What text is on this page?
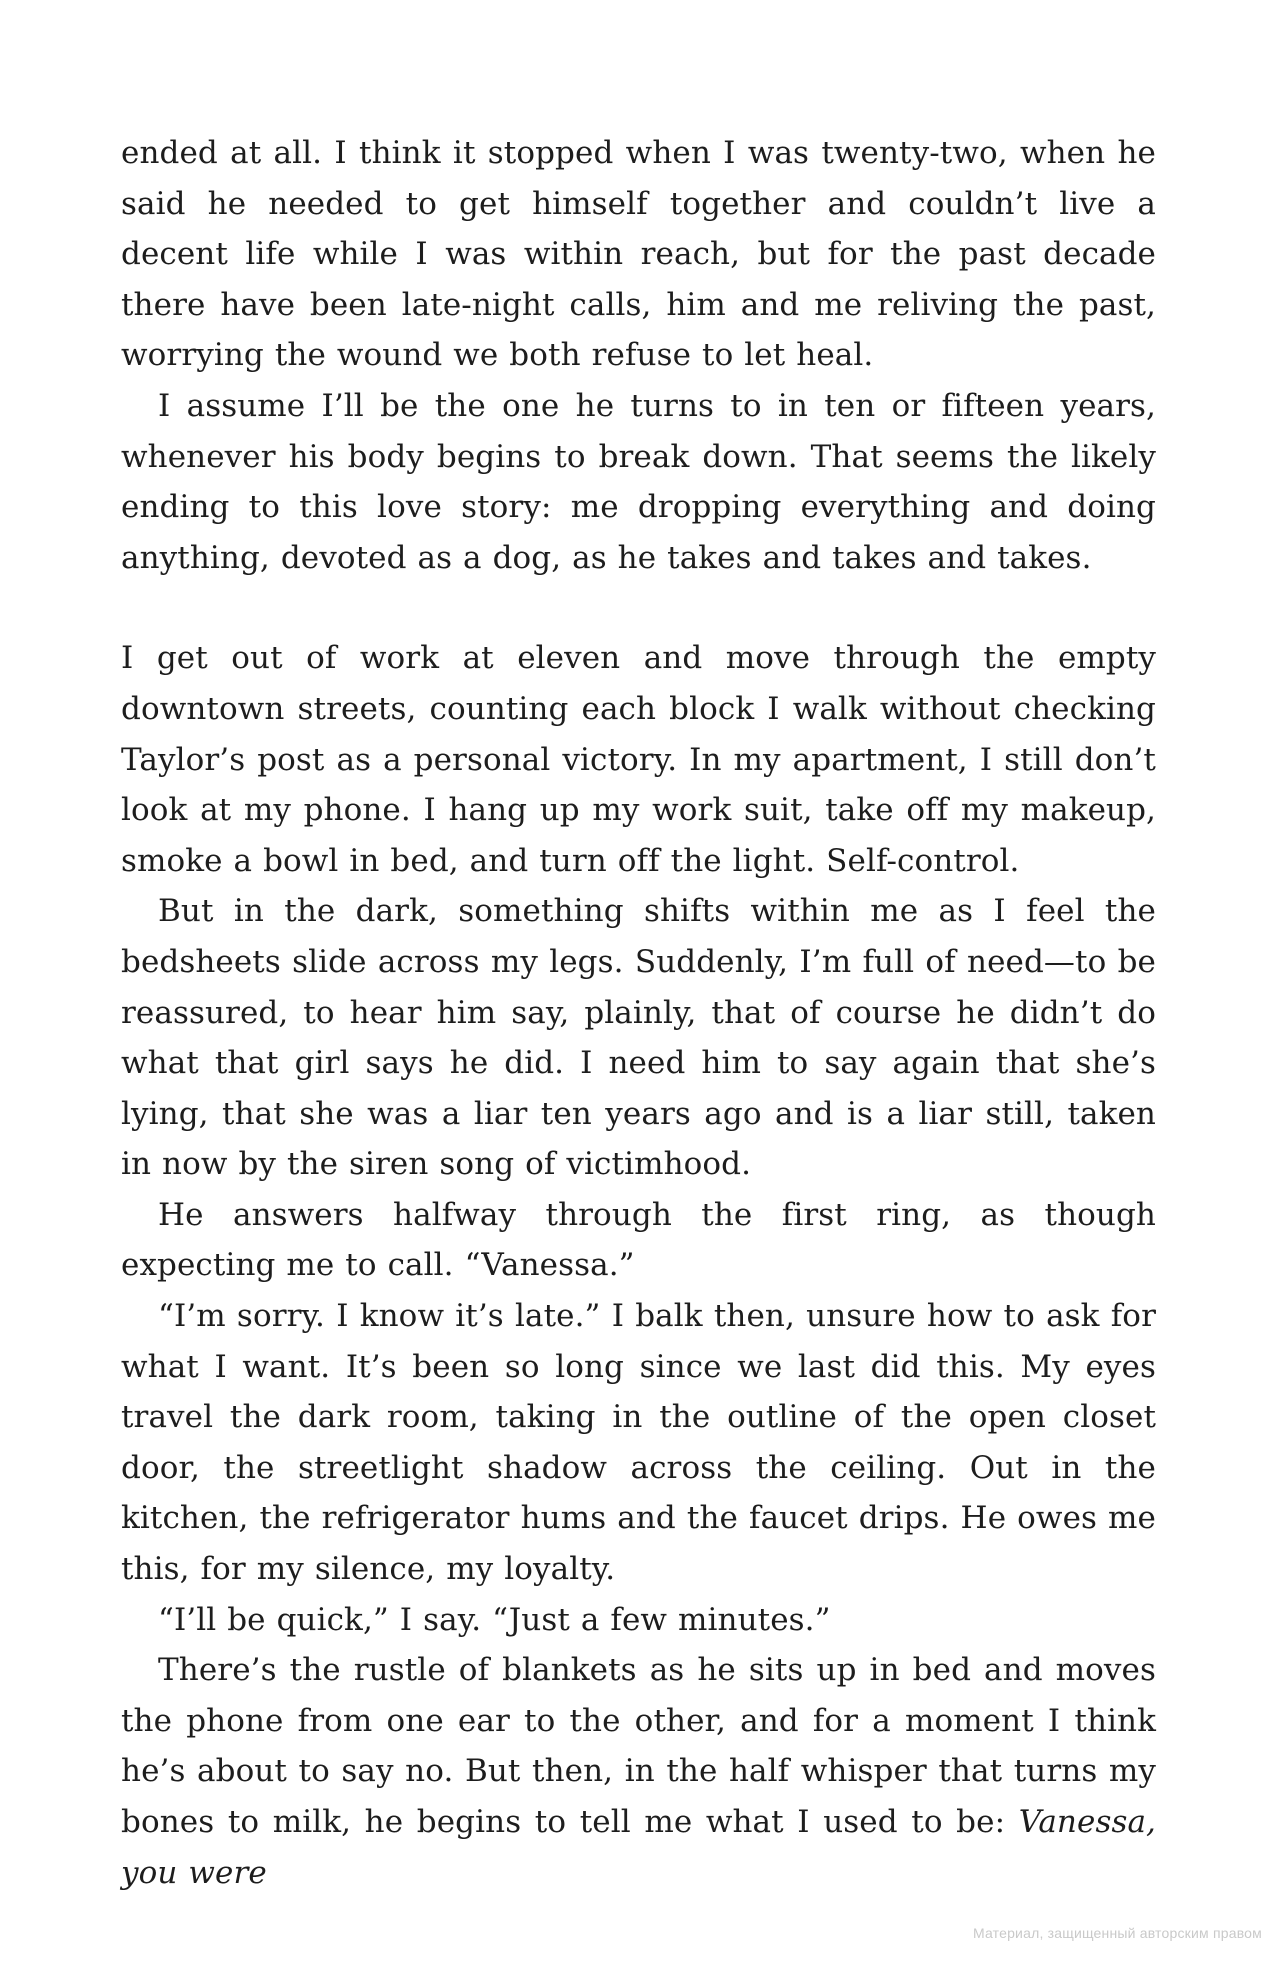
ended at all. I think it stopped when I was twenty-two, when he said he needed to get himself together and couldn’t live a decent life while I was within reach, but for the past decade there have been late-night calls, him and me reliving the past, worrying the wound we both refuse to let heal.

I assume I’ll be the one he turns to in ten or fifteen years, whenever his body begins to break down. That seems the likely ending to this love story: me dropping everything and doing anything, devoted as a dog, as he takes and takes and takes.

I get out of work at eleven and move through the empty downtown streets, counting each block I walk without checking Taylor’s post as a personal victory. In my apartment, I still don’t look at my phone. I hang up my work suit, take off my makeup, smoke a bowl in bed, and turn off the light. Self-control.

But in the dark, something shifts within me as I feel the bedsheets slide across my legs. Suddenly, I’m full of need—to be reassured, to hear him say, plainly, that of course he didn’t do what that girl says he did. I need him to say again that she’s lying, that she was a liar ten years ago and is a liar still, taken in now by the siren song of victimhood.

He answers halfway through the first ring, as though expecting me to call. “Vanessa.”

“I’m sorry. I know it’s late.” I balk then, unsure how to ask for what I want. It’s been so long since we last did this. My eyes travel the dark room, taking in the outline of the open closet door, the streetlight shadow across the ceiling. Out in the kitchen, the refrigerator hums and the faucet drips. He owes me this, for my silence, my loyalty.

“I’ll be quick,” I say. “Just a few minutes.”

There’s the rustle of blankets as he sits up in bed and moves the phone from one ear to the other, and for a moment I think he’s about to say no. But then, in the half whisper that turns my bones to milk, he begins to tell me what I used to be: Vanessa, you were

Материал, защищенный авторским правом
